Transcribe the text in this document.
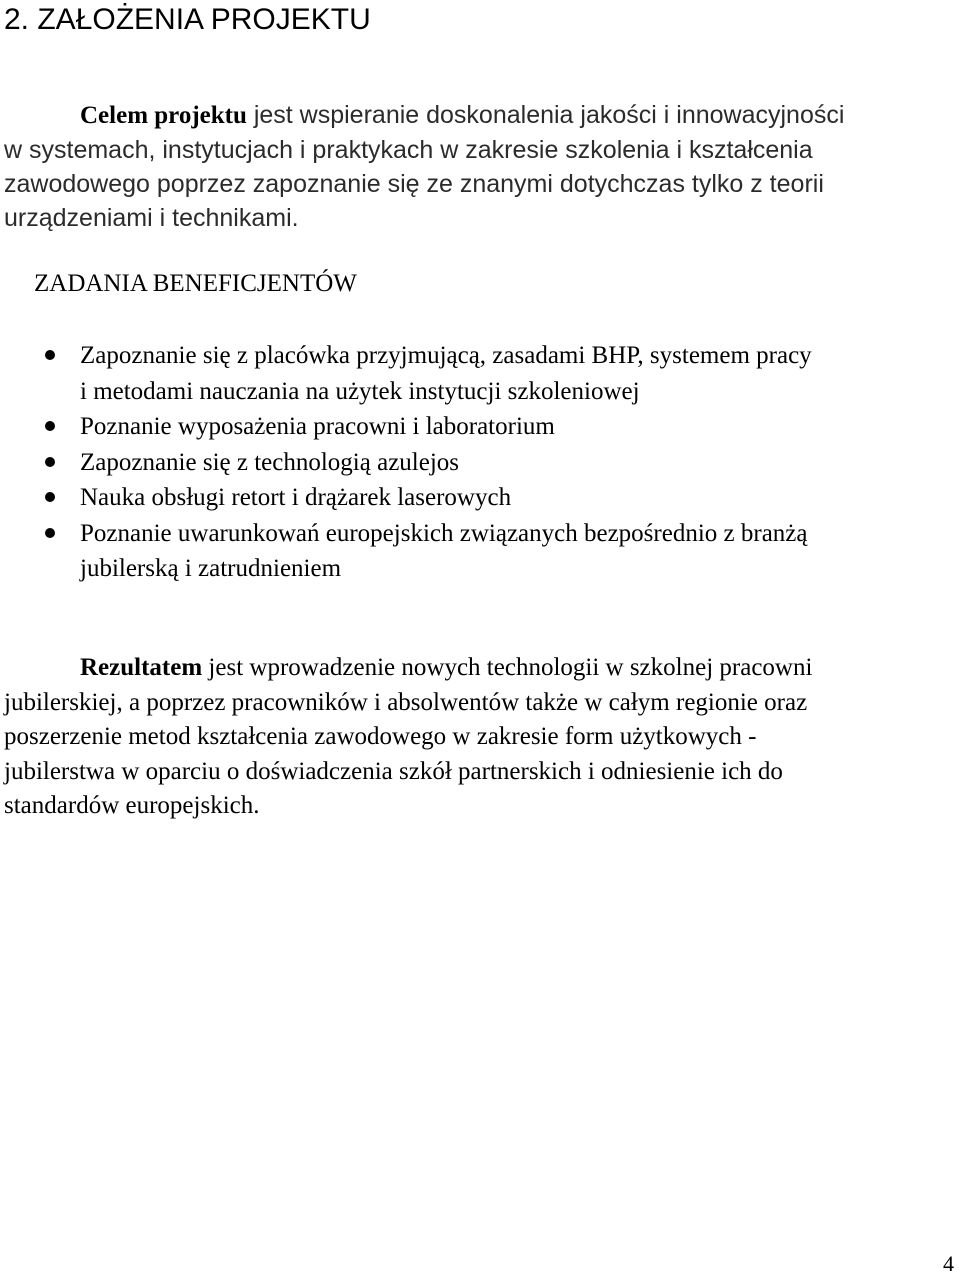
2. ZAŁOŻENIA PROJEKTU

Celem projektu jest wspieranie doskonalenia jakości i innowacyjności
w systemach, instytucjach i praktykach w zakresie szkolenia i kształcenia
zawodowego poprzez zapoznanie się ze znanymi dotychczas tylko z teorii
urządzeniami i technikami.

ZADANIA BENEFICJENTÓW
Zapoznanie się z placówka przyjmującą, zasadami BHP, systemem pracy
i metodami nauczania na użytek instytucji szkoleniowej
Poznanie wyposażenia pracowni i laboratorium
Zapoznanie się z technologią azulejos
Nauka obsługi retort i drążarek laserowych
Poznanie uwarunkowań europejskich związanych bezpośrednio z branżą
jubilerską i zatrudnieniem

Rezultatem jest wprowadzenie nowych technologii w szkolnej pracowni
jubilerskiej, a poprzez pracowników i absolwentów także w całym regionie oraz
poszerzenie metod kształcenia zawodowego w zakresie form użytkowych -
jubilerstwa w oparciu o doświadczenia szkół partnerskich i odniesienie ich do
standardów europejskich.

4
